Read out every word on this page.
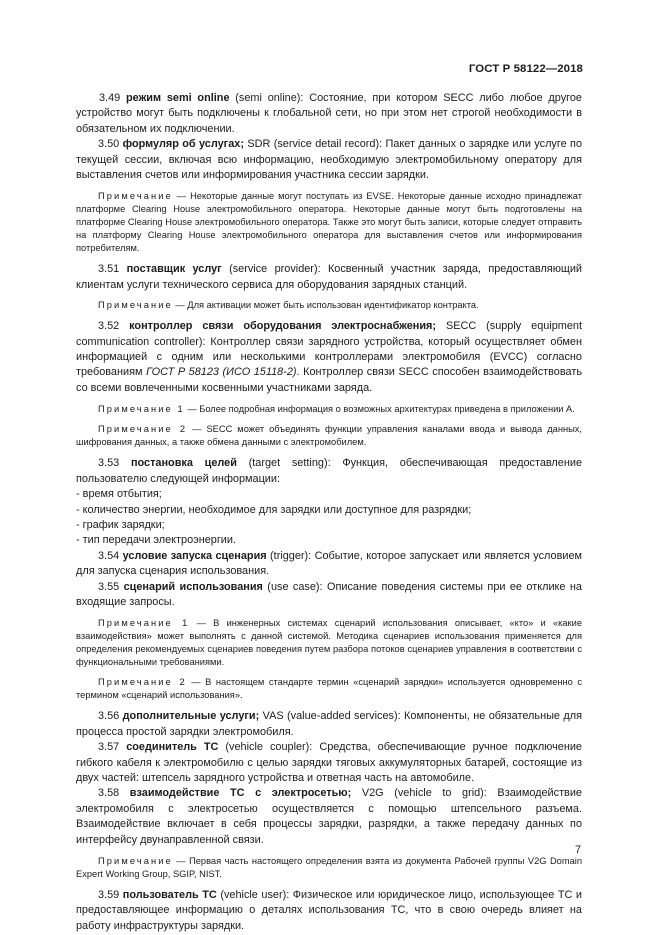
ГОСТ Р 58122—2018

3.49 режим semi online (semi online): Состояние, при котором SECC либо любое другое устройство могут быть подключены к глобальной сети, но при этом нет строгой необходимости в обязательном их подключении.

3.50 формуляр об услугах; SDR (service detail record): Пакет данных о зарядке или услуге по текущей сессии, включая всю информацию, необходимую электромобильному оператору для выставления счетов или информирования участника сессии зарядки.

Примечание — Некоторые данные могут поступать из EVSE. Некоторые данные исходно принадлежат платформе Clearing House электромобильного оператора. Некоторые данные могут быть подготовлены на платформе Clearing House электромобильного оператора. Также это могут быть записи, которые следует отправить на платформу Clearing House электромобильного оператора для выставления счетов или информирования потребителям.

3.51 поставщик услуг (service provider): Косвенный участник заряда, предоставляющий клиентам услуги технического сервиса для оборудования зарядных станций.

Примечание — Для активации может быть использован идентификатор контракта.

3.52 контроллер связи оборудования электроснабжения; SECC (supply equipment communication controller): Контроллер связи зарядного устройства, который осуществляет обмен информацией с одним или несколькими контроллерами электромобиля (EVCC) согласно требованиям ГОСТ Р 58123 (ИСО 15118-2). Контроллер связи SECC способен взаимодействовать со всеми вовлеченными косвенными участниками заряда.

Примечание 1 — Более подробная информация о возможных архитектурах приведена в приложении А.

Примечание 2 — SECC может объединять функции управления каналами ввода и вывода данных, шифрования данных, а также обмена данными с электромобилем.

3.53 постановка целей (target setting): Функция, обеспечивающая предоставление пользователю следующей информации:

- время отбытия;

- количество энергии, необходимое для зарядки или доступное для разрядки;

- график зарядки;

- тип передачи электроэнергии.

3.54 условие запуска сценария (trigger): Событие, которое запускает или является условием для запуска сценария использования.

3.55 сценарий использования (use case): Описание поведения системы при ее отклике на входящие запросы.

Примечание 1 — В инженерных системах сценарий использования описывает, «кто» и «какие взаимодействия» может выполнять с данной системой. Методика сценариев использования применяется для определения рекомендуемых сценариев поведения путем разбора потоков сценариев управления в соответствии с функциональными требованиями.

Примечание 2 — В настоящем стандарте термин «сценарий зарядки» используется одновременно с термином «сценарий использования».

3.56 дополнительные услуги; VAS (value-added services): Компоненты, не обязательные для процесса простой зарядки электромобиля.

3.57 соединитель ТС (vehicle coupler): Средства, обеспечивающие ручное подключение гибкого кабеля к электромобилю с целью зарядки тяговых аккумуляторных батарей, состоящие из двух частей: штепсель зарядного устройства и ответная часть на автомобиле.

3.58 взаимодействие ТС с электросетью; V2G (vehicle to grid): Взаимодействие электромобиля с электросетью осуществляется с помощью штепсельного разъема. Взаимодействие включает в себя процессы зарядки, разрядки, а также передачу данных по интерфейсу двунаправленной связи.

Примечание — Первая часть настоящего определения взята из документа Рабочей группы V2G Domain Expert Working Group, SGIP, NIST.

3.59 пользователь ТС (vehicle user): Физическое или юридическое лицо, использующее ТС и предоставляющее информацию о деталях использования ТС, что в свою очередь влияет на работу инфраструктуры зарядки.

7
